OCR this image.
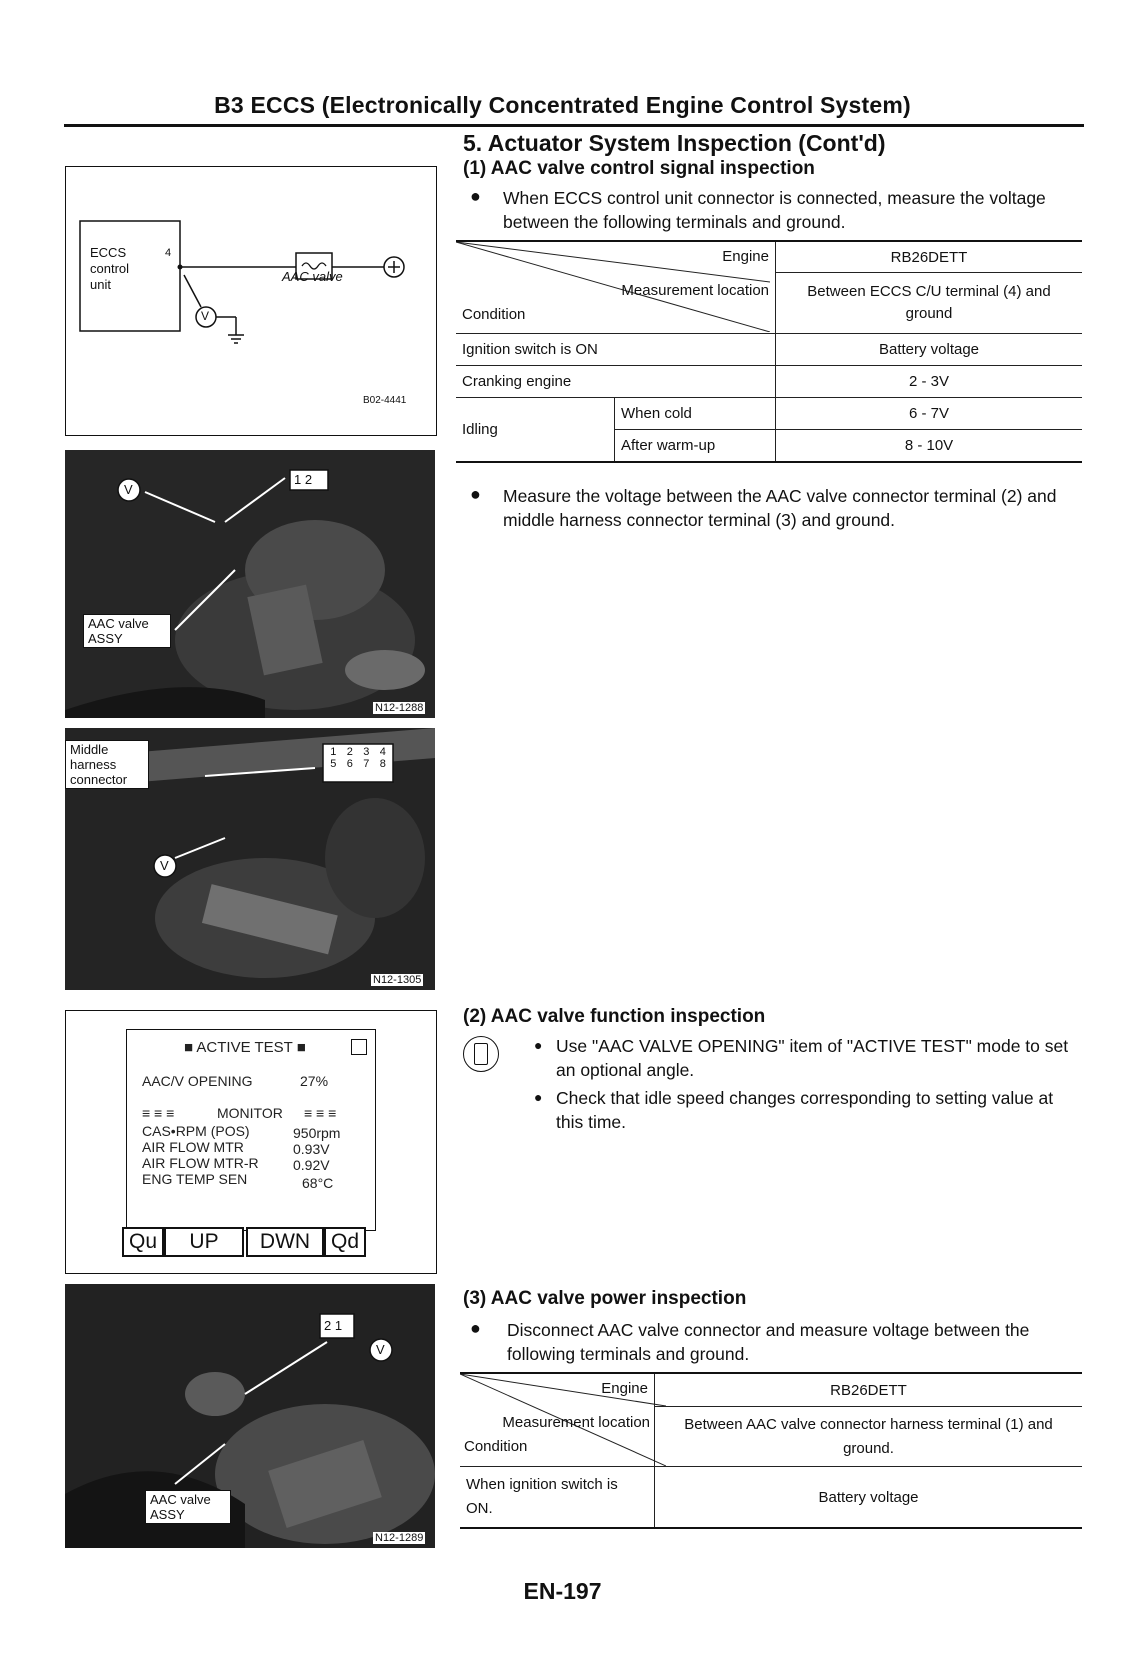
B3 ECCS (Electronically Concentrated Engine Control System)
ECCS control unit
4
AAC valve
V
B02-4441
V
1 2
AAC valve ASSY
N12-1288
Middle harness connector
1 2 3 4
5 6 7 8
V
N12-1305
■ ACTIVE TEST ■
AAC/V OPENING	27%
≡ ≡ ≡	MONITOR ≡ ≡ ≡
CAS•RPM (POS)	950rpm
AIR FLOW MTR	0.93V
AIR FLOW MTR-R 0.92V
ENG TEMP SEN	68°C
Qu	UP	DWN Qd
2 1
V
AAC valve ASSY
N12-1289
5. Actuator System Inspection (Cont'd)
(1) AAC valve control signal inspection
● When ECCS control unit connector is connected, measure the voltage between the following terminals and ground.
Engine
Measurement location
Condition		RB26DETT
		Between ECCS C/U terminal (4) and ground
Ignition switch is ON		Battery voltage
Cranking engine		2 - 3V
Idling	When cold	6 - 7V
	After warm-up	8 - 10V
● Measure the voltage between the AAC valve connector terminal (2) and middle harness connector terminal (3) and ground.
(2) AAC valve function inspection
● Use "AAC VALVE OPENING" item of "ACTIVE TEST" mode to set an optional angle.
● Check that idle speed changes corresponding to setting value at this time.
(3) AAC valve power inspection
● Disconnect AAC valve connector and measure voltage between the following terminals and ground.
Engine
Measurement location
Condition	RB26DETT
	Between AAC valve connector harness terminal (1) and ground.
When ignition switch is ON.	Battery voltage
EN-197
